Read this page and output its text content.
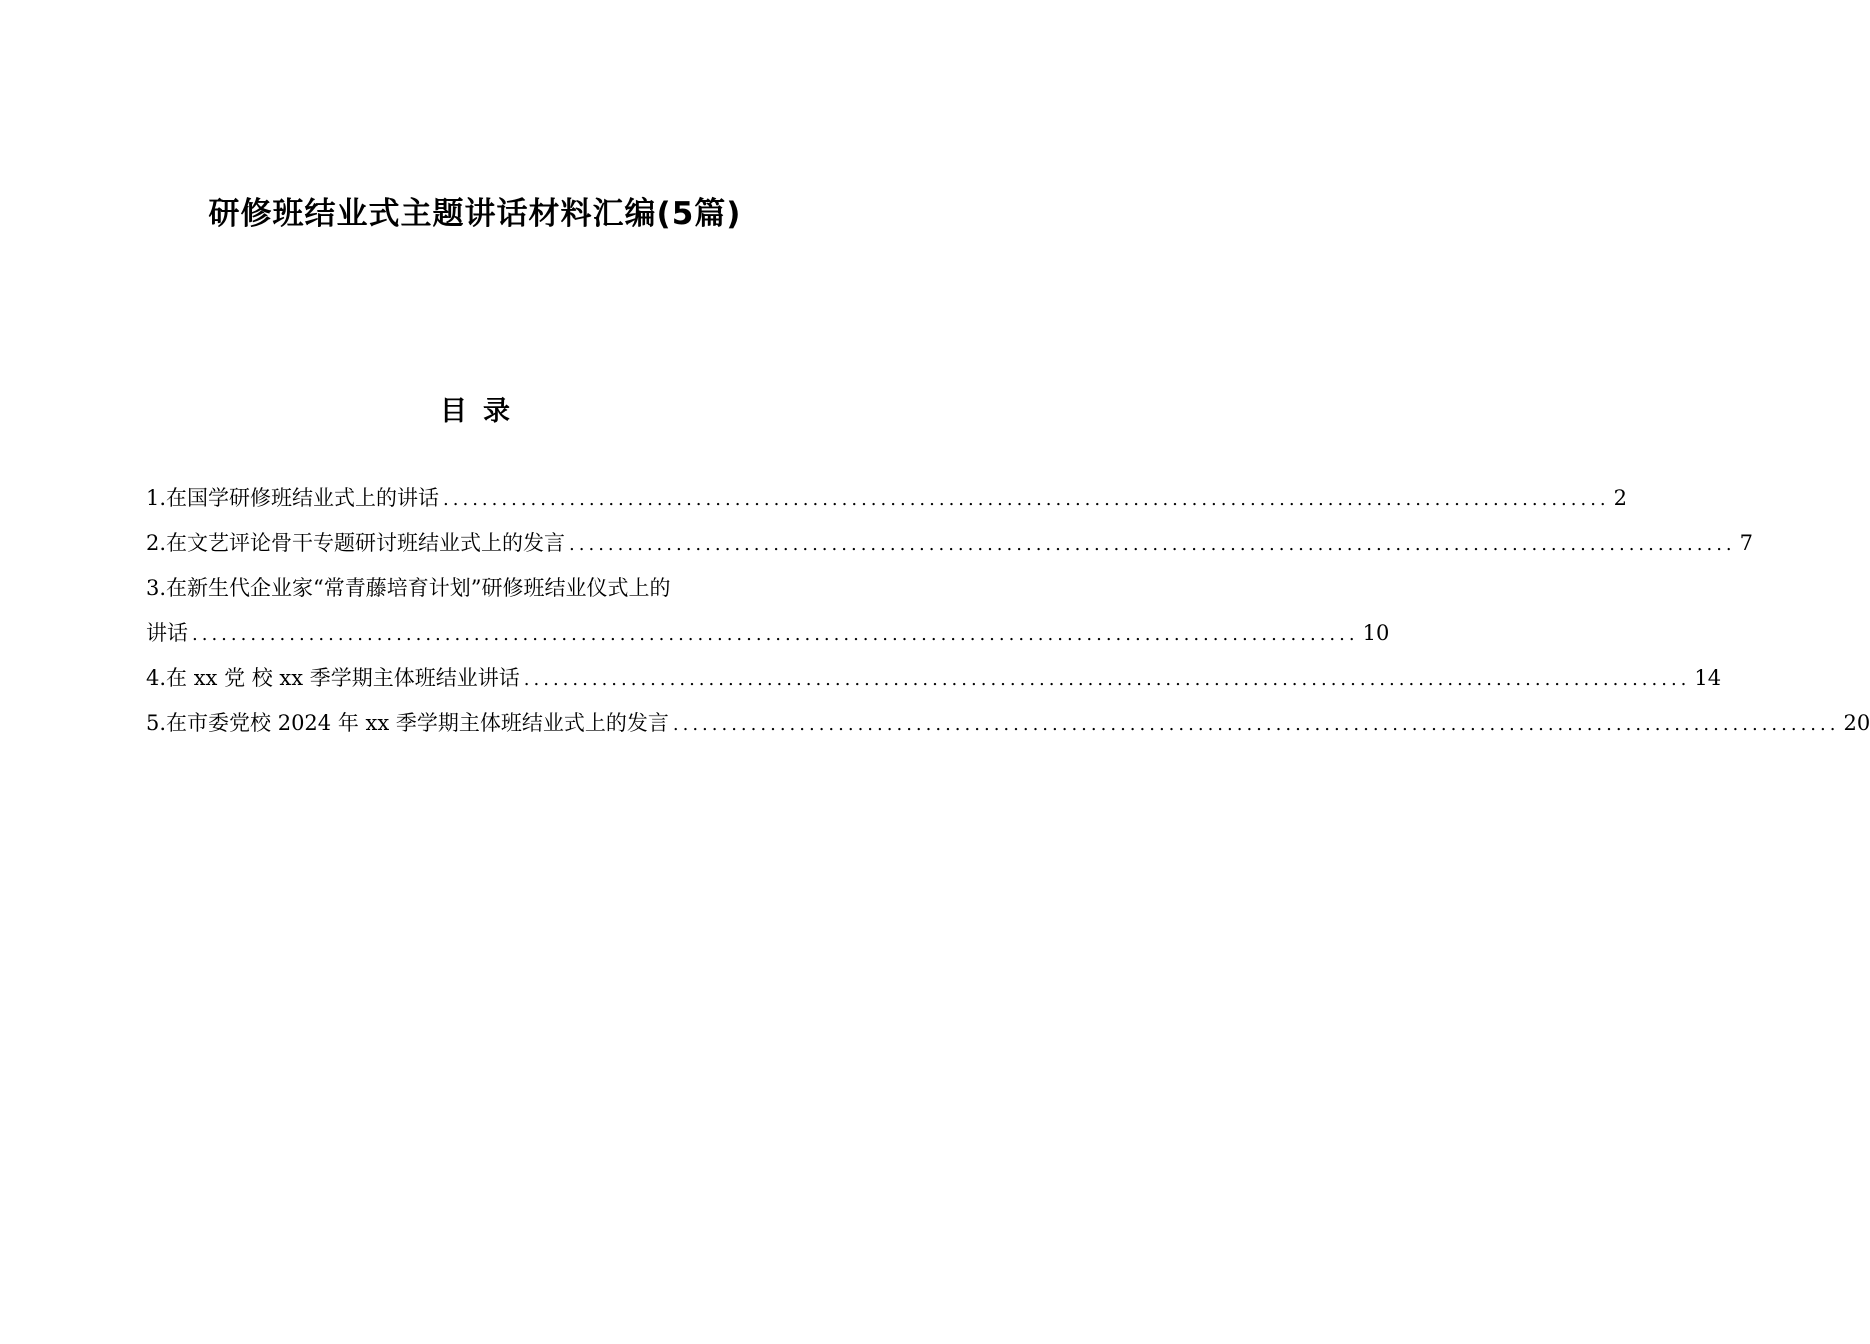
研修班结业式主题讲话材料汇编(5篇)
目录
1.在国学研修班结业式上的讲话 ........................................................................................................................ 2
2.在文艺评论骨干专题研讨班结业式上的发言 ........................................................................................................................ 7
3.在新生代企业家“常青藤培育计划”研修班结业仪式上的
讲话 ........................................................................................................................ 10
4.在 xx 党 校 xx 季学期主体班结业讲话 ........................................................................................................................ 14
5.在市委党校 2024 年 xx 季学期主体班结业式上的发言 ........................................................................................................................ 20
